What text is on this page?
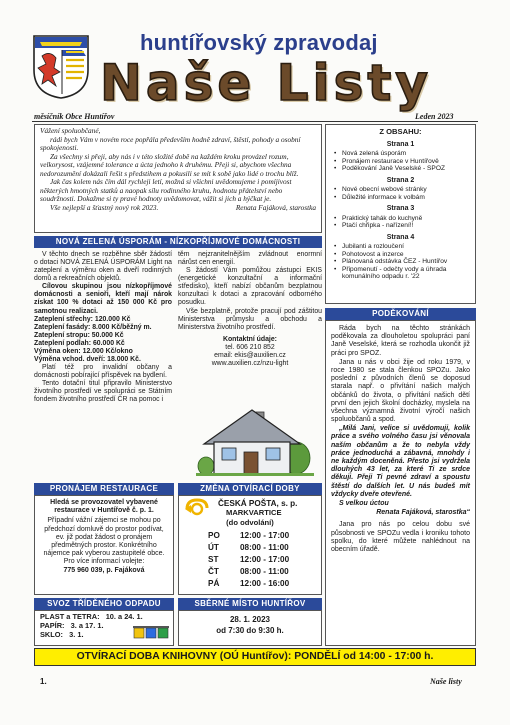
huntířovský zpravodaj
Naše Listy
měsíčník Obce Huntířov	Leden 2023

Vážení spoluobčané,

rádi bych Vám v novém roce popřála především hodně zdraví, štěstí, pohody a osobní spokojenosti.

Za všechny si přeji, aby nás i v této složité době na každém kroku provázel rozum, velkorysost, vzájemné tolerance a úcta jednoho k druhému. Přeji si, abychom všechna nedorozumění dokázali řešit s předstihem a pokusili se mít k sobě jako lidé o trochu blíž.

Jak čas kolem nás čím dál rychleji letí, možná si všichni uvědomujeme i pomíjivost některých hmotných statků a naopak sílu rodinného kruhu, hodnotu přátelství nebo soudržnosti. Dokažme si ty pravé hodnoty uvědomovat, vážit si jich a hýčkat je.

Vše nejlepší a šťastný nový rok 2023.	Renata Fajáková, starostka

Z OBSAHU:
Strana 1
• Nová zelená úsporám
• Pronájem restaurace v Huntířově
• Poděkování Janě Veselské - SPOZ
Strana 2
• Nové obecní webové stránky
• Důležité informace k volbám
Strana 3
• Praktický tahák do kuchyně
• Ptačí chřipka - nařízení!!
Strana 4
• Jubilanti a rozloučení
• Pohotovost a inzerce
• Plánovaná odstávka ČEZ - Huntířov
• Připomenutí - odečty vody a úhrada komunálního odpadu r. '22
NOVÁ ZELENÁ ÚSPORÁM - NÍZKOPŘÍJMOVÉ DOMÁCNOSTI

V těchto dnech se rozběhne sběr žádostí o dotaci NOVÁ ZELENÁ ÚSPORÁM Light na zateplení a výměnu oken a dveří rodinných domů a rekreačních objektů.

Cílovou skupinou jsou nízkopříjmové domácnosti a senioři, kteří mají nárok získat 100 % dotaci až 150 000 Kč pro samotnou realizaci.

Zateplení střechy: 120.000 Kč
Zateplení fasády: 8.000 Kč/běžný m.
Zateplení stropu: 50.000 Kč
Zateplení podlah: 60.000 Kč
Výměna oken: 12.000 Kč/okno
Výměna vchod. dveří: 18.000 Kč.

Platí též pro invalidní občany a domácnosti pobírající příspěvek na bydlení.

Tento dotační titul připravilo Ministerstvo životního prostředí ve spolupráci se Státním fondem životního prostředí ČR na pomoc i

těm nejzranitelnějším zvládnout enormní nárůst cen energií.

S žádostí Vám pomůžou zástupci EKIS (energetické konzultační a informační středisko), kteří nabízí občanům bezplatnou konzultaci k dotaci a zpracování odborného posudku.

Vše bezplatně, protože pracují pod záštitou Ministerstva průmyslu a obchodu a Ministerstva životního prostředí.

Kontaktní údaje:
tel. 606 210 852
email: ekis@auxilien.cz
www.auxilien.cz/nzu-light
PODĚKOVÁNÍ

Ráda bych na těchto stránkách poděkovala za dlouholetou spolupráci paní Janě Veselské, která se rozhodla ukončit již práci pro SPOZ.

Jana u nás v obci žije od roku 1979, v roce 1980 se stala členkou SPOZu. Jako poslední z původních členů se doposud starala např. o přivítání našich malých občánků do života, o přivítání našich dětí první den jejich školní docházky, myslela na všechna významná životní výročí našich spoluobčanů a spod.

„Milá Jani, velice si uvědomuji, kolik práce a svého volného času jsi věnovala naším občanům a že to nebyla vždy práce jednoduchá a zábavná, mnohdy i ne každým doceněná. Přesto jsi vydržela dlouhých 43 let, za které Ti ze srdce děkuji. Přeji Ti pevné zdraví a spoustu štěstí do dalších let. U nás budeš mít vždycky dveře otevřené.

S velkou úctou

Renata Fajáková, starostka“

Jana pro nás po celou dobu své působnosti ve SPOZu vedla i kroniku tohoto spolku, do které můžete nahlédnout na obecním úřadě.

PRONÁJEM RESTAURACE
Hledá se provozovatel vybavené restaurace v Huntířově č. p. 1.
Případní vážní zájemci se mohou po předchozí domluvě do prostor podívat, ev. již podat žádost o pronájem předmětných prostor. Konkrétního nájemce pak vyberou zastupitelé obce.
Pro více informací volejte:
775 960 039, p. Fajáková
ZMĚNA OTVÍRACÍ DOBY
ČESKÁ POŠTA, s. p.
MARKVARTICE
(do odvolání)
PO	12:00 - 17:00
ÚT	08:00 - 11:00
ST	12:00 - 17:00
ČT	08:00 - 11:00
PÁ	12:00 - 16:00
SVOZ TŘÍDĚNÉHO ODPADU
PLAST a TETRA:   10. a 24. 1.
PAPÍR:   3. a 17. 1.
SKLO:   3. 1.
SBĚRNÉ MÍSTO HUNTÍŘOV
28. 1. 2023
od 7:30 do 9:30 h.
OTVÍRACÍ DOBA KNIHOVNY (OÚ Huntířov): PONDĚLÍ od 14:00 - 17:00 h.
1.	Naše listy
